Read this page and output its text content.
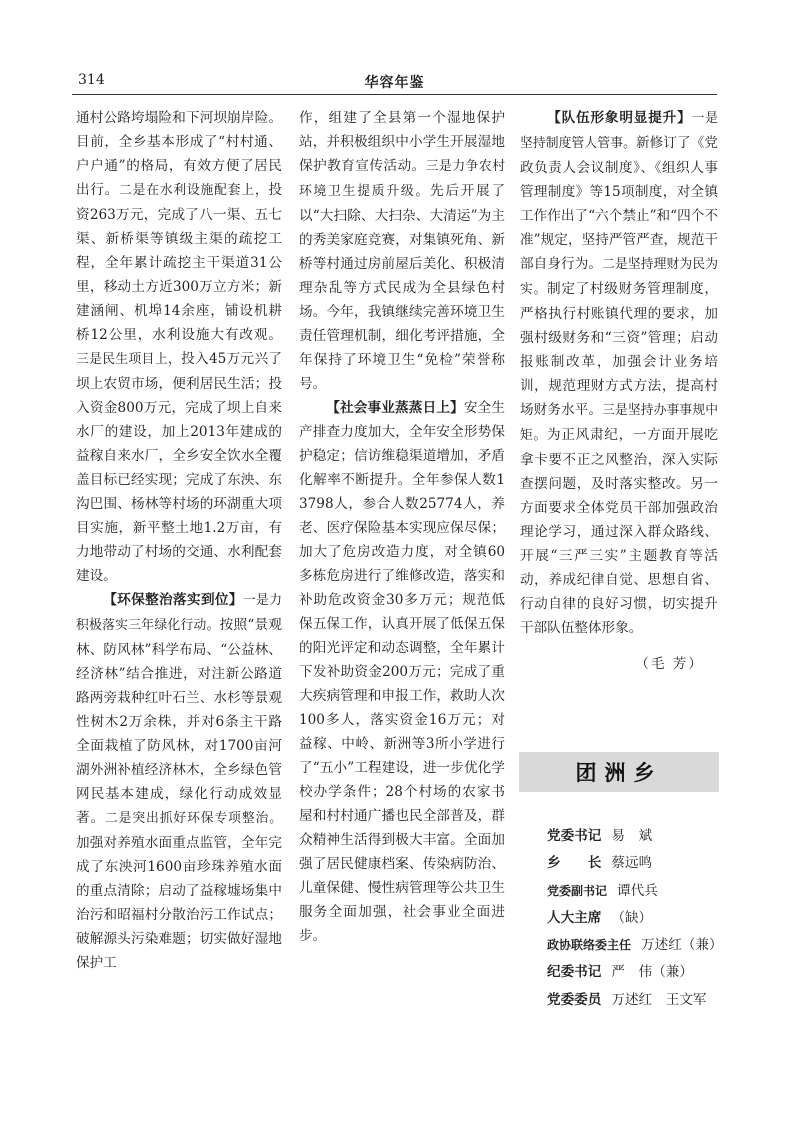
314	华容年鉴

通村公路垮塌险和下河坝崩岸险。目前，全乡基本形成了“村村通、户户通”的格局，有效方便了居民出行。二是在水利设施配套上，投资263万元，完成了八一渠、五七渠、新桥渠等镇级主渠的疏挖工程，全年累计疏挖主干渠道31公里，移动土方近300万立方米；新建涵闸、机埠14余座，铺设机耕桥12公里，水利设施大有改观。三是民生项目上，投入45万元兴了坝上农贸市场，便利居民生活；投入资金800万元，完成了坝上自来水厂的建设，加上2013年建成的益稼自来水厂，全乡安全饮水全覆盖目标已经实现；完成了东泱、东沟巴围、杨林等村场的环湖重大项目实施，新平整土地1.2万亩，有力地带动了村场的交通、水利配套建设。

【环保整治落实到位】一是力积极落实三年绿化行动。按照“景观林、防风林”科学布局、“公益林、经济林”结合推进，对注新公路道路两旁栽种红叶石兰、水杉等景观性树木2万余株，并对6条主干路全面栽植了防风林，对1700亩河湖外洲补植经济林木，全乡绿色管网民基本建成，绿化行动成效显著。二是突出抓好环保专项整治。加强对养殖水面重点监管，全年完成了东泱河1600亩珍珠养殖水面的重点清除；启动了益稼墟场集中治污和昭福村分散治污工作试点；破解源头污染难题；切实做好湿地保护工

作，组建了全县第一个湿地保护站，并积极组织中小学生开展湿地保护教育宣传活动。三是力争农村环境卫生提质升级。先后开展了以“大扫除、大扫杂、大清运”为主的秀美家庭竞赛，对集镇死角、新桥等村通过房前屋后美化、积极清理杂乱等方式民成为全县绿色村场。今年，我镇继续完善环境卫生责任管理机制，细化考评措施，全年保持了环境卫生“免检”荣誉称号。

【社会事业蒸蒸日上】安全生产排查力度加大，全年安全形势保护稳定；信访维稳渠道增加，矛盾化解率不断提升。全年参保人数13798人，参合人数25774人，养老、医疗保险基本实现应保尽保；加大了危房改造力度，对全镇60多栋危房进行了维修改造，落实和补助危改资金30多万元；规范低保五保工作，认真开展了低保五保的阳光评定和动态调整，全年累计下发补助资金200万元；完成了重大疾病管理和申报工作，救助人次100多人，落实资金16万元；对益稼、中岭、新洲等3所小学进行了“五小”工程建设，进一步优化学校办学条件；28个村场的农家书屋和村村通广播也民全部普及，群众精神生活得到极大丰富。全面加强了居民健康档案、传染病防治、儿童保健、慢性病管理等公共卫生服务全面加强，社会事业全面进步。

【队伍形象明显提升】一是坚持制度管人管事。新修订了《党政负责人会议制度》、《组织人事管理制度》等15项制度，对全镇工作作出了“六个禁止”和“四个不准”规定，坚持严管严查，规范干部自身行为。二是坚持理财为民为实。制定了村级财务管理制度，严格执行村账镇代理的要求，加强村级财务和“三资”管理；启动报账制改革，加强会计业务培训，规范理财方式方法，提高村场财务水平。三是坚持办事事规中矩。为正风肃纪，一方面开展吃拿卡要不正之风整治，深入实际查摆问题，及时落实整改。另一方面要求全体党员干部加强政治理论学习，通过深入群众路线、开展“三严三实”主题教育等活动，养成纪律自觉、思想自省、行动自律的良好习惯，切实提升干部队伍整体形象。

（毛 芳）
团洲乡
党委书记 易　斌
乡　　长 蔡远鸣
党委副书记 谭代兵
人大主席 （缺）
政协联络委主任 万述红（兼）
纪委书记 严　伟（兼）
党委委员 万述红　王文军
